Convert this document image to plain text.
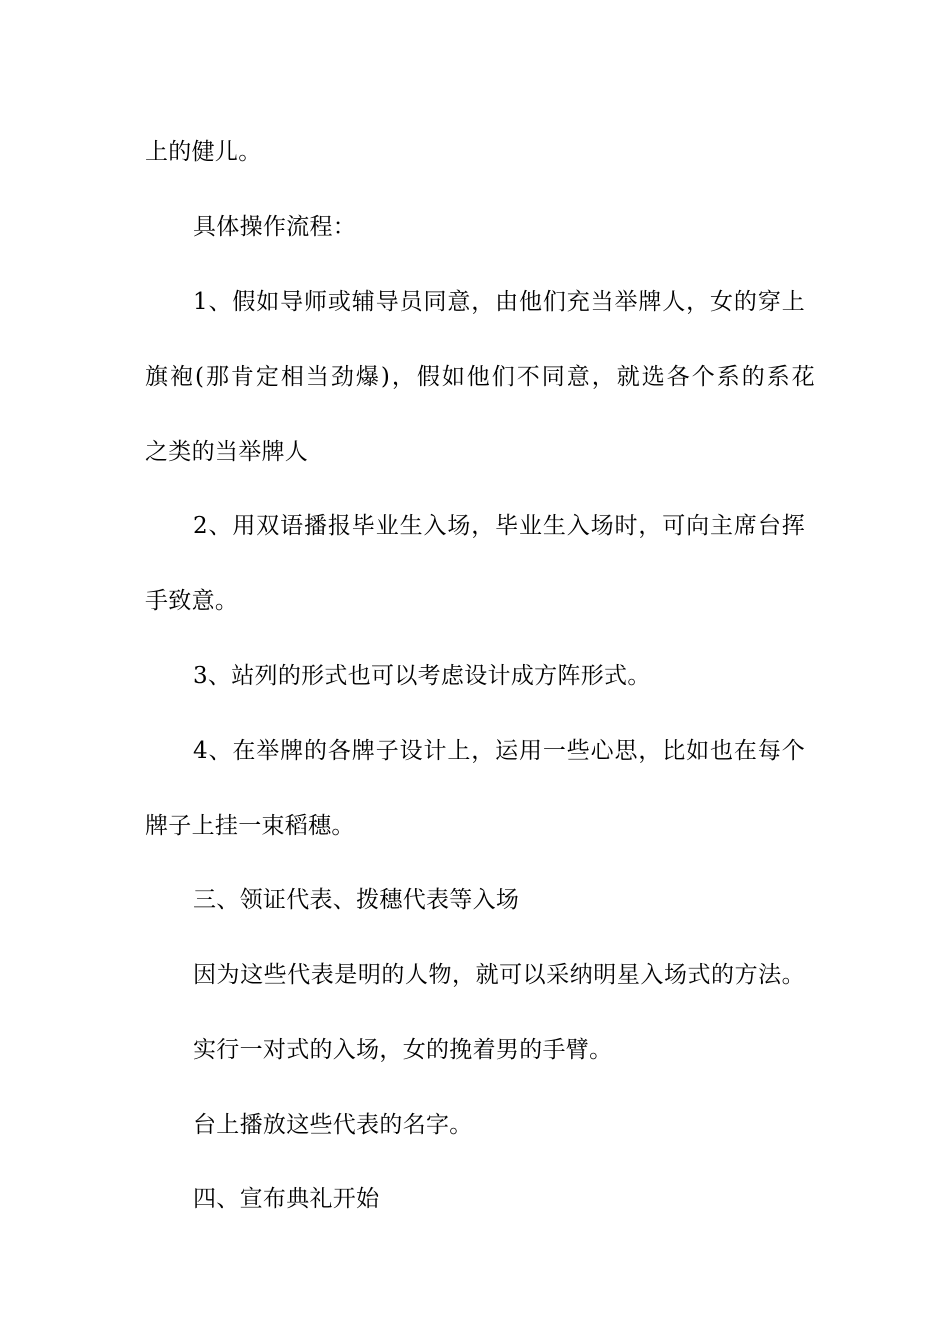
上的健儿。
具体操作流程：
1、假如导师或辅导员同意，由他们充当举牌人，女的穿上
旗袍(那肯定相当劲爆)，假如他们不同意，就选各个系的系花
之类的当举牌人
2、用双语播报毕业生入场，毕业生入场时，可向主席台挥
手致意。
3、站列的形式也可以考虑设计成方阵形式。
4、在举牌的各牌子设计上，运用一些心思，比如也在每个
牌子上挂一束稻穗。
三、领证代表、拨穗代表等入场
因为这些代表是明的人物，就可以采纳明星入场式的方法。
实行一对式的入场，女的挽着男的手臂。
台上播放这些代表的名字。
四、宣布典礼开始
